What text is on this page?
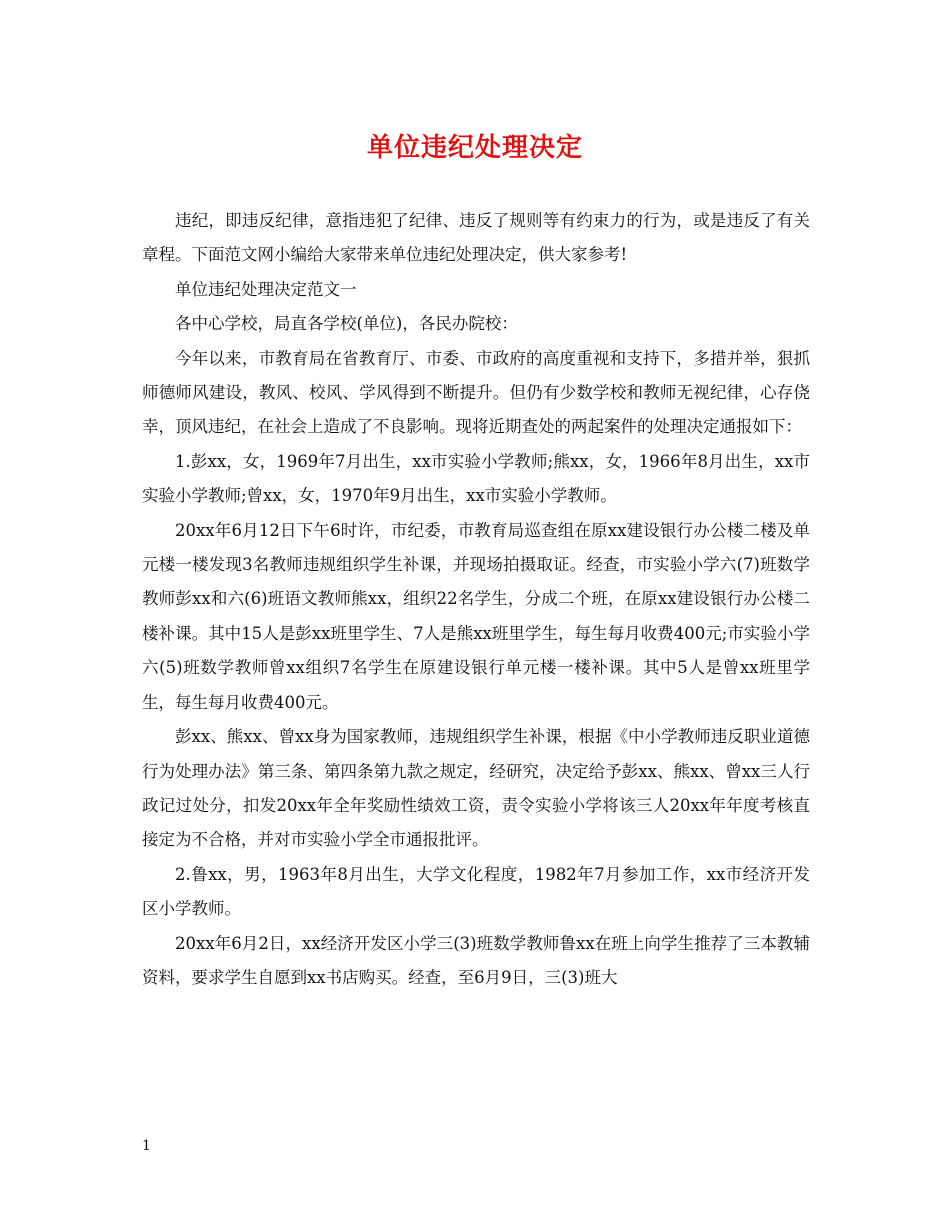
单位违纪处理决定

违纪，即违反纪律，意指违犯了纪律、违反了规则等有约束力的行为，或是违反了有关章程。下面范文网小编给大家带来单位违纪处理决定，供大家参考!

单位违纪处理决定范文一

各中心学校，局直各学校(单位)，各民办院校：

今年以来，市教育局在省教育厅、市委、市政府的高度重视和支持下，多措并举，狠抓师德师风建设，教风、校风、学风得到不断提升。但仍有少数学校和教师无视纪律，心存侥幸，顶风违纪，在社会上造成了不良影响。现将近期查处的两起案件的处理决定通报如下：

1.彭xx，女，1969年7月出生，xx市实验小学教师;熊xx，女，1966年8月出生，xx市实验小学教师;曾xx，女，1970年9月出生，xx市实验小学教师。

20xx年6月12日下午6时许，市纪委，市教育局巡查组在原xx建设银行办公楼二楼及单元楼一楼发现3名教师违规组织学生补课，并现场拍摄取证。经查，市实验小学六(7)班数学教师彭xx和六(6)班语文教师熊xx，组织22名学生，分成二个班，在原xx建设银行办公楼二楼补课。其中15人是彭xx班里学生、7人是熊xx班里学生，每生每月收费400元;市实验小学六(5)班数学教师曾xx组织7名学生在原建设银行单元楼一楼补课。其中5人是曾xx班里学生，每生每月收费400元。

彭xx、熊xx、曾xx身为国家教师，违规组织学生补课，根据《中小学教师违反职业道德行为处理办法》第三条、第四条第九款之规定，经研究，决定给予彭xx、熊xx、曾xx三人行政记过处分，扣发20xx年全年奖励性绩效工资，责令实验小学将该三人20xx年年度考核直接定为不合格，并对市实验小学全市通报批评。

2.鲁xx，男，1963年8月出生，大学文化程度，1982年7月参加工作，xx市经济开发区小学教师。

20xx年6月2日，xx经济开发区小学三(3)班数学教师鲁xx在班上向学生推荐了三本教辅资料，要求学生自愿到xx书店购买。经查，至6月9日，三(3)班大

1
